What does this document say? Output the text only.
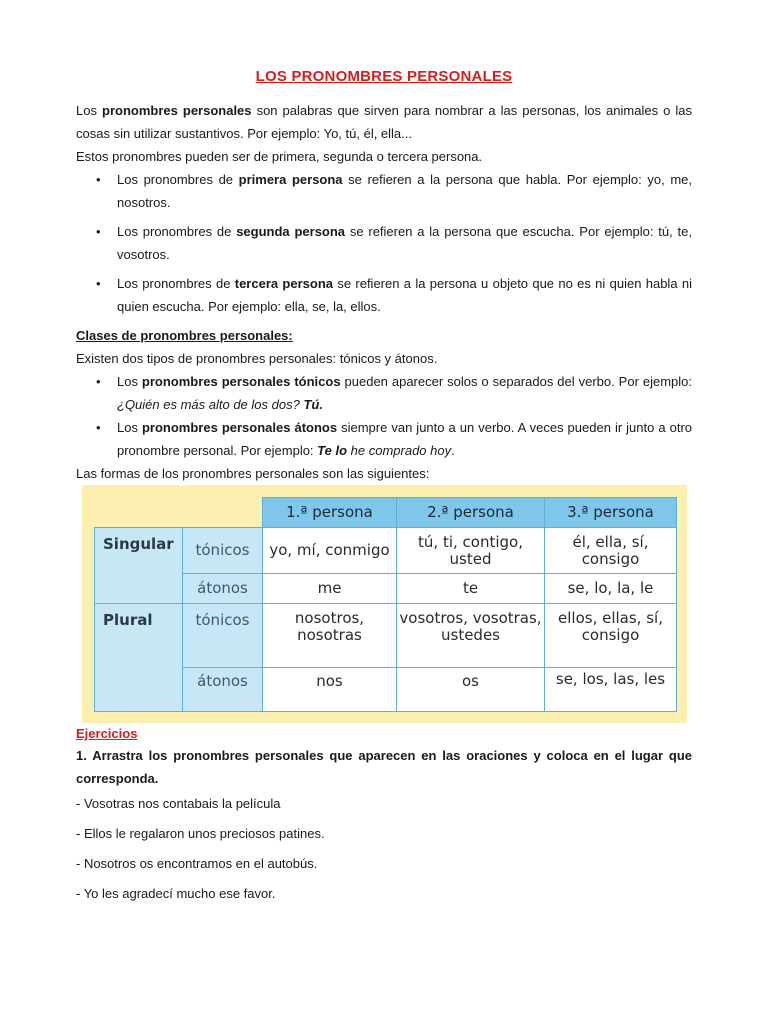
LOS PRONOMBRES PERSONALES

Los pronombres personales son palabras que sirven para nombrar a las personas, los animales o las cosas sin utilizar sustantivos. Por ejemplo: Yo, tú, él, ella...

Estos pronombres pueden ser de primera, segunda o tercera persona.

• Los pronombres de primera persona se refieren a la persona que habla. Por ejemplo: yo, me, nosotros.
• Los pronombres de segunda persona se refieren a la persona que escucha. Por ejemplo: tú, te, vosotros.
• Los pronombres de tercera persona se refieren a la persona u objeto que no es ni quien habla ni quien escucha. Por ejemplo: ella, se, la, ellos.
Clases de pronombres personales:

Existen dos tipos de pronombres personales: tónicos y átonos.

• Los pronombres personales tónicos pueden aparecer solos o separados del verbo. Por ejemplo: ¿Quién es más alto de los dos? Tú.
• Los pronombres personales átonos siempre van junto a un verbo. A veces pueden ir junto a otro pronombre personal. Por ejemplo: Te lo he comprado hoy.

Las formas de los pronombres personales son las siguientes:

		1.ª persona	2.ª persona	3.ª persona
Singular	tónicos	yo, mí, conmigo	tú, ti, contigo, usted	él, ella, sí, consigo
	átonos	me	te	se, lo, la, le
Plural	tónicos	nosotros, nosotras	vosotros, vosotras, ustedes	ellos, ellas, sí, consigo
	átonos	nos	os	se, los, las, les
Ejercicios

1. Arrastra los pronombres personales que aparecen en las oraciones y coloca en el lugar que corresponda.

- Vosotras nos contabais la película

- Ellos le regalaron unos preciosos patines.

- Nosotros os encontramos en el autobús.

- Yo les agradecí mucho ese favor.
